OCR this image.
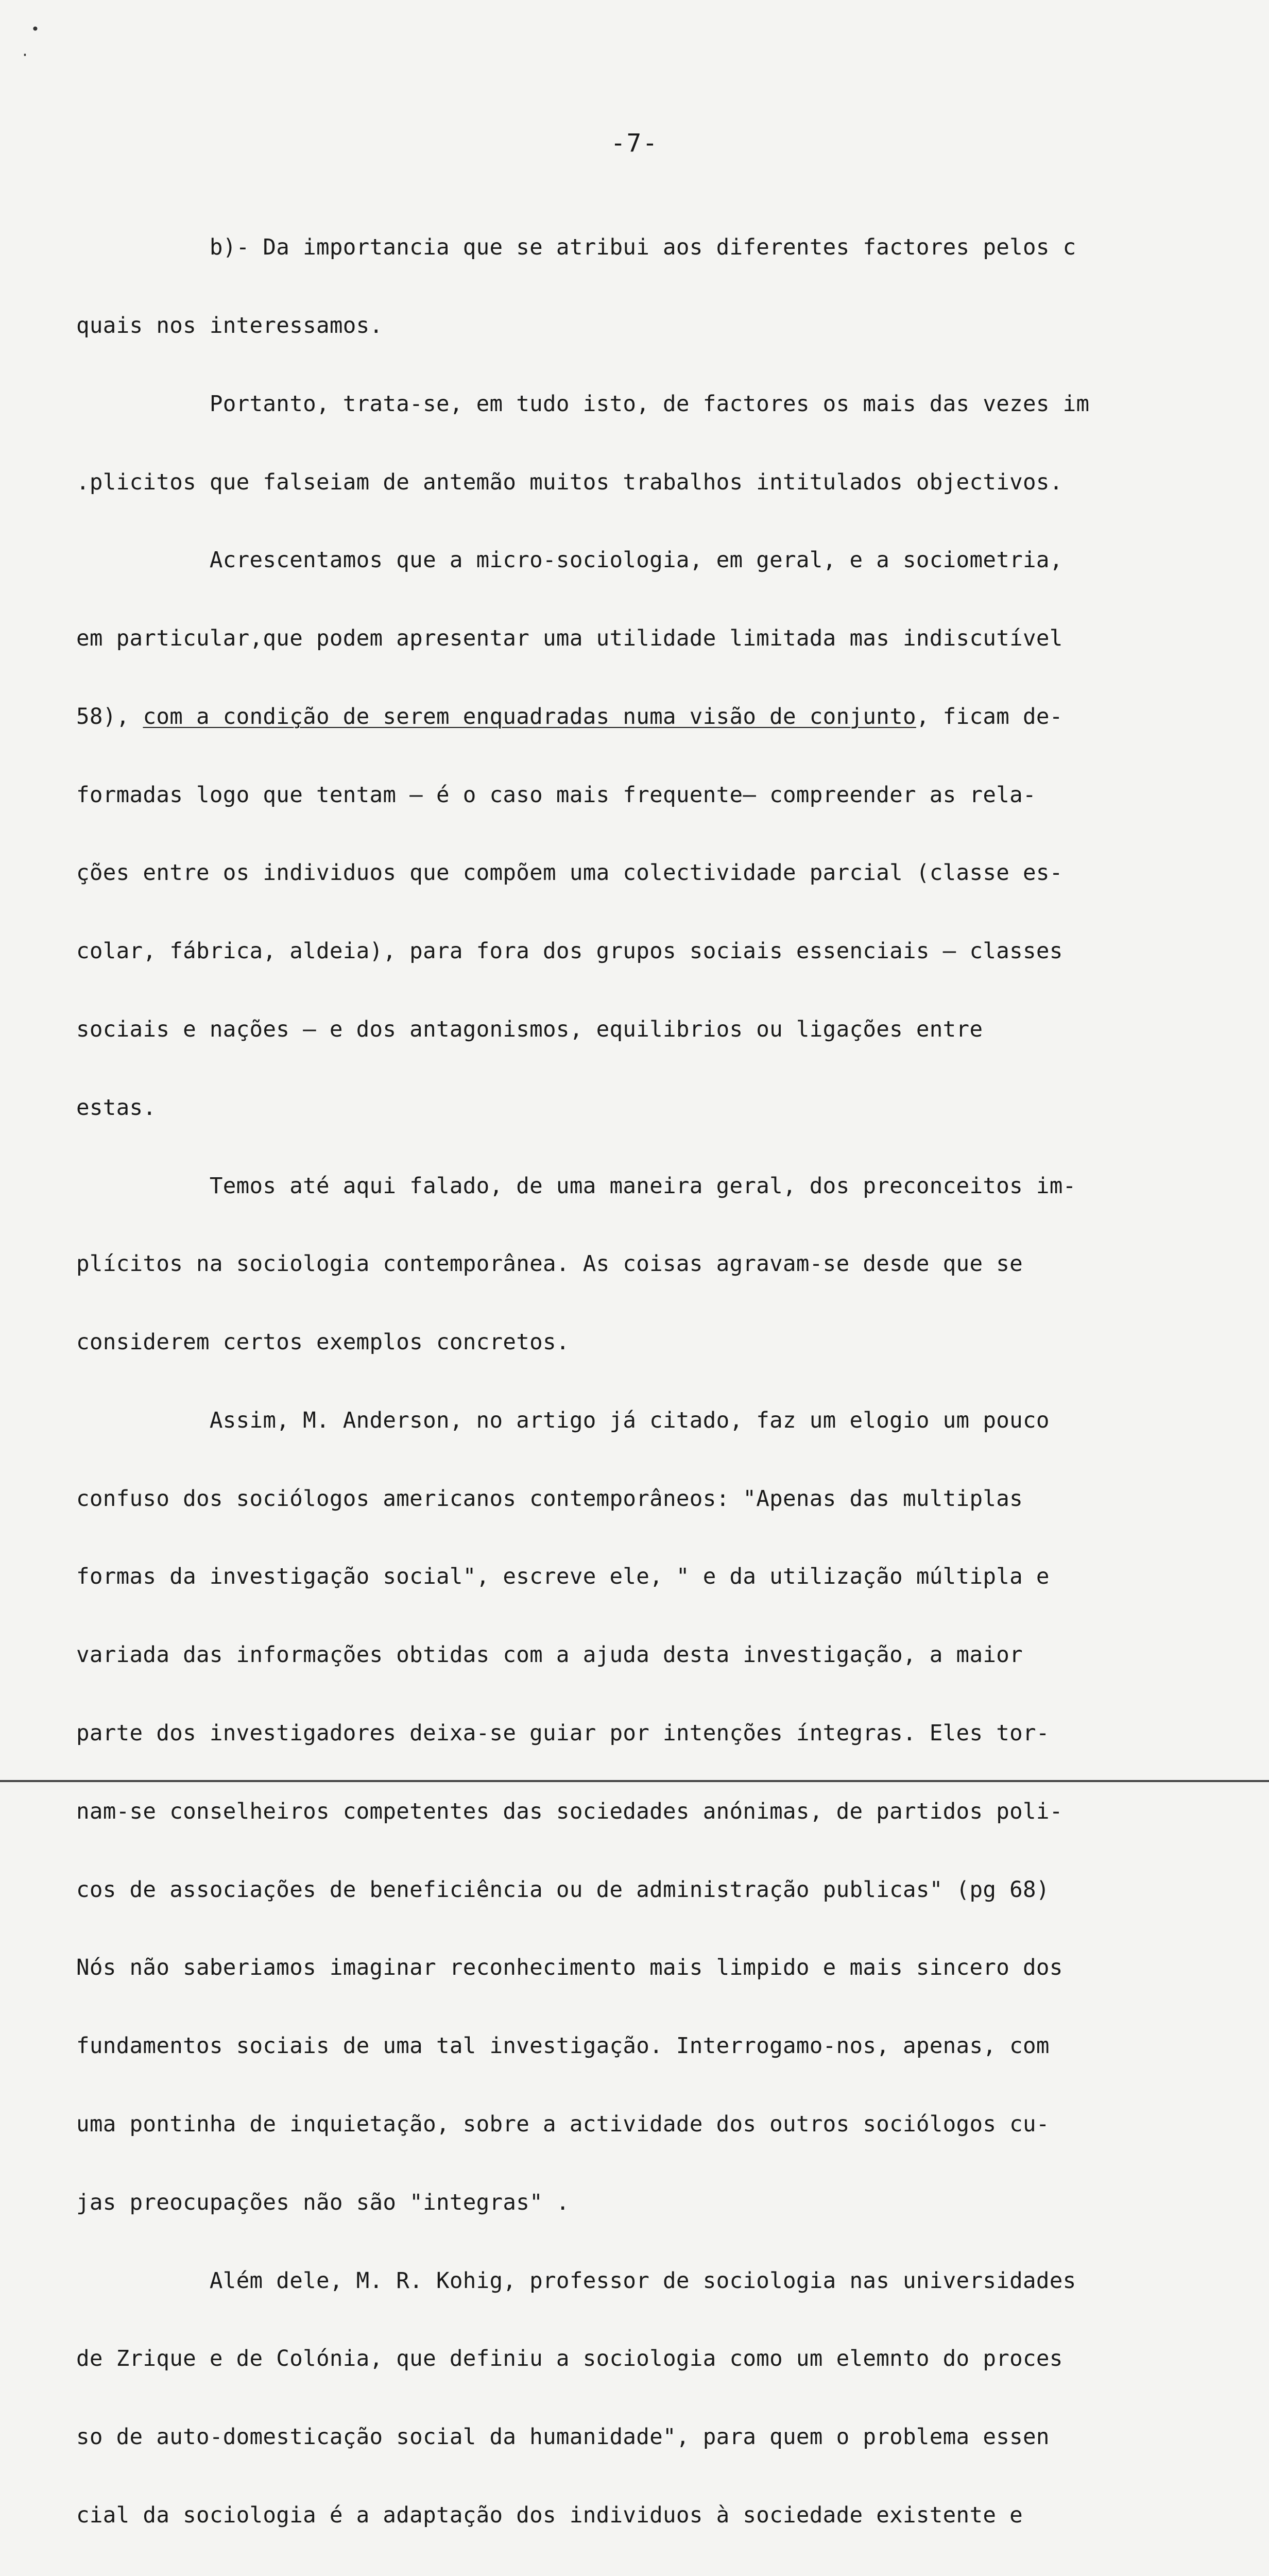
-7-

b)- Da importancia que se atribui aos diferentes factores pelos c

quais nos interessamos.

Portanto, trata-se, em tudo isto, de factores os mais das vezes im

.plicitos que falseiam de antemão muitos trabalhos intitulados objectivos.

Acrescentamos que a micro-sociologia, em geral, e a sociometria,

em particular,que podem apresentar uma utilidade limitada mas indiscutível

58), com a condição de serem enquadradas numa visão de conjunto, ficam de-

formadas logo que tentam — é o caso mais frequente— compreender as rela-

ções entre os individuos que compõem uma colectividade parcial (classe es-

colar, fábrica, aldeia), para fora dos grupos sociais essenciais — classes

sociais e nações — e dos antagonismos, equilibrios ou ligações entre

estas.

Temos até aqui falado, de uma maneira geral, dos preconceitos im-

plícitos na sociologia contemporânea. As coisas agravam-se desde que se

considerem certos exemplos concretos.

Assim, M. Anderson, no artigo já citado, faz um elogio um pouco

confuso dos sociólogos americanos contemporâneos: "Apenas das multiplas

formas da investigação social", escreve ele, " e da utilização múltipla e

variada das informações obtidas com a ajuda desta investigação, a maior

parte dos investigadores deixa-se guiar por intenções íntegras. Eles tor-

nam-se conselheiros competentes das sociedades anónimas, de partidos poli-

cos de associações de beneficiência ou de administração publicas" (pg 68)

Nós não saberiamos imaginar reconhecimento mais limpido e mais sincero dos

fundamentos sociais de uma tal investigação. Interrogamo-nos, apenas, com

uma pontinha de inquietação, sobre a actividade dos outros sociólogos cu-

jas preocupações não são "integras" .

Além dele, M. R. Kohig, professor de sociologia nas universidades

de Zrique e de Colónia, que definiu a sociologia como um elemnto do proces

so de auto-domesticação social da humanidade", para quem o problema essen

cial da sociologia é a adaptação dos individuos à sociedade existente e

•
·
